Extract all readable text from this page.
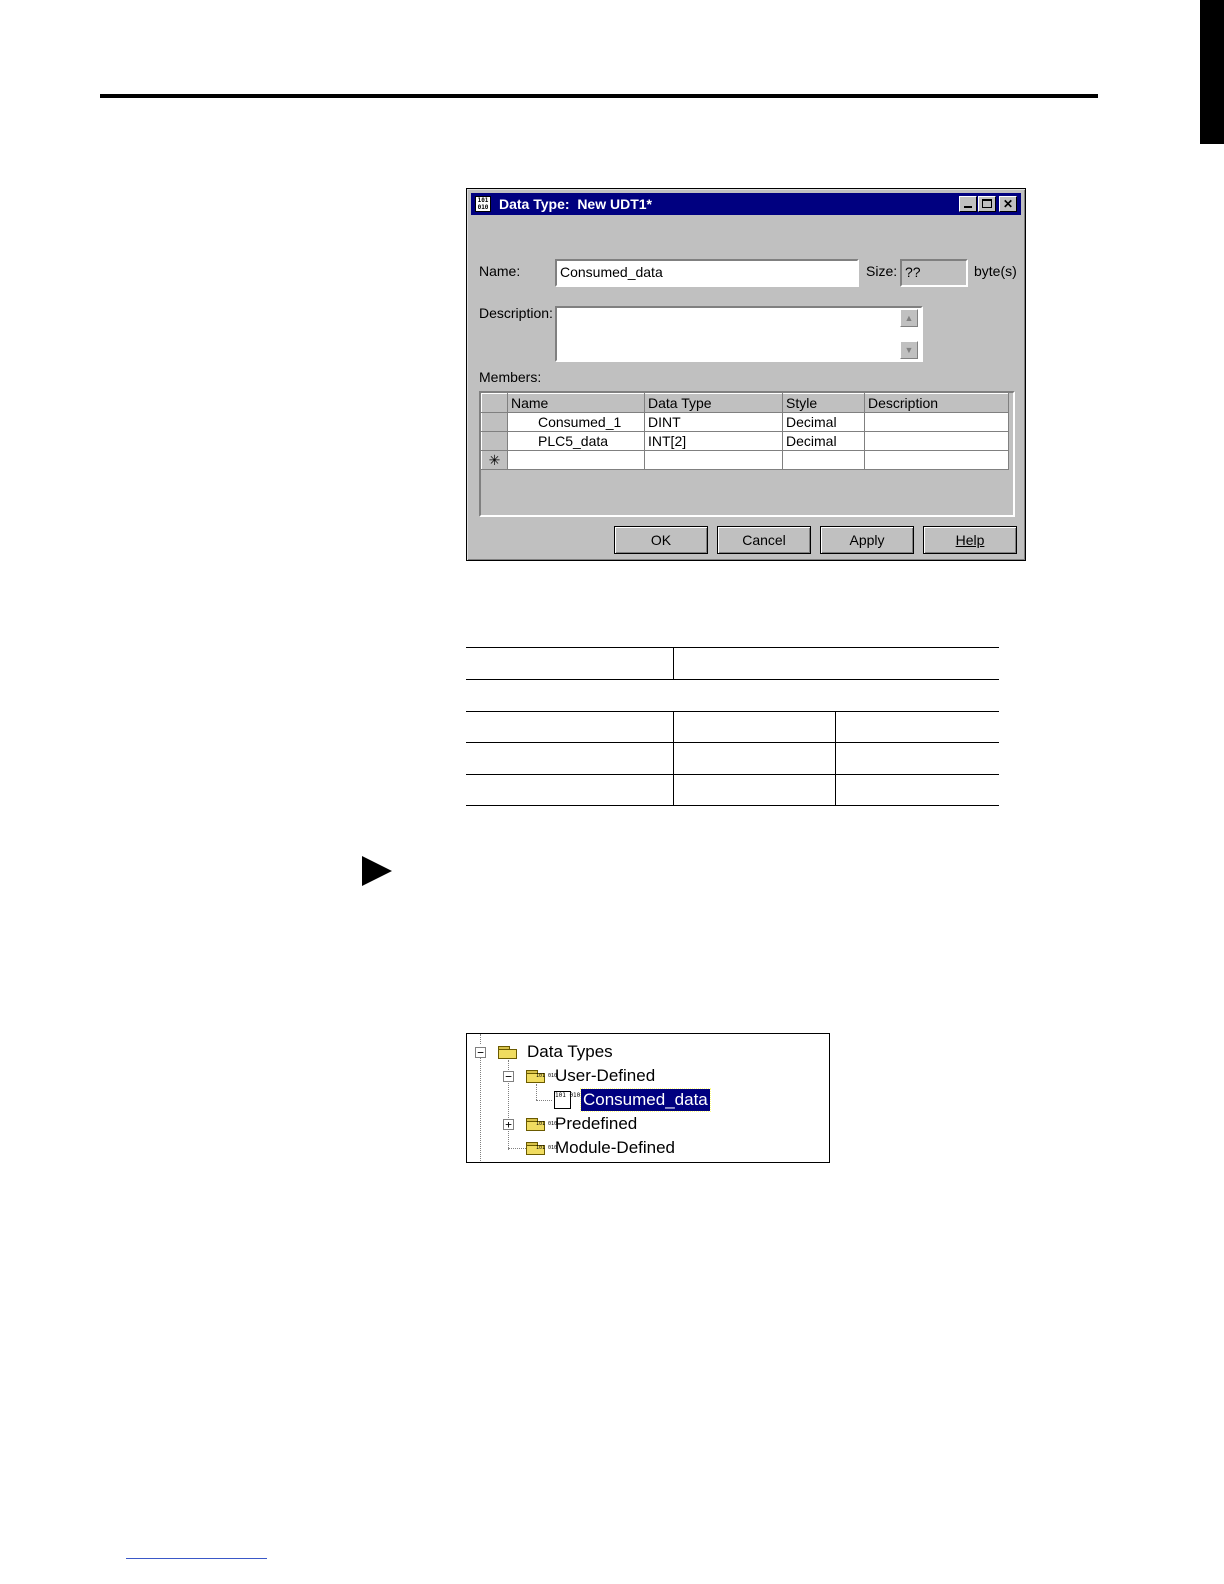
101 010 Data Type:  New UDT1*	✕
Name:	Consumed_data	Size: ??	byte(s)
Description:	▲
▼
Members:
	Name	Data Type	Style	Description
	Consumed_1	DINT	Decimal	
	PLC5_data	INT[2]	Decimal	
✳				
OK	Cancel	Apply	Help
−	Data Types
−	101 010
User-Defined
101 010 Consumed_data
+	101 010
Predefined
101 010
Module-Defined
